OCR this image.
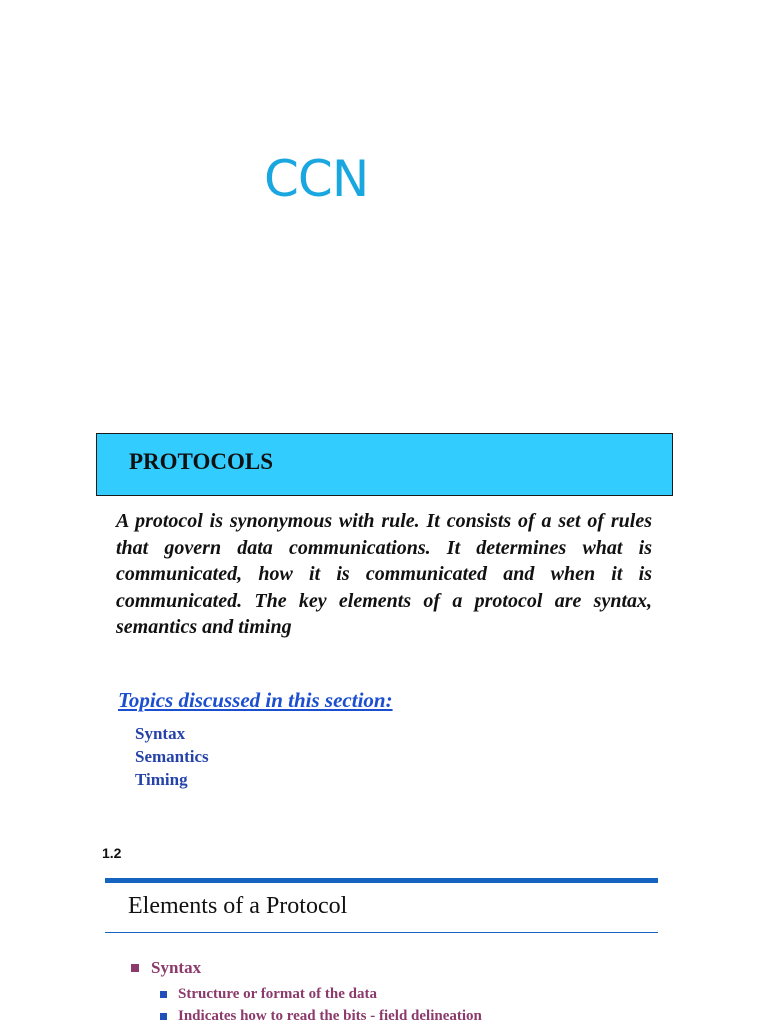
CCN
PROTOCOLS

A protocol is synonymous with rule. It consists of a set of rules that govern data communications. It determines what is communicated, how it is communicated and when it is communicated. The key elements of a protocol are syntax, semantics and timing

Topics discussed in this section:
Syntax
Semantics
Timing
1.2
Elements of a Protocol
Syntax
Structure or format of the data
Indicates how to read the bits - field delineation
